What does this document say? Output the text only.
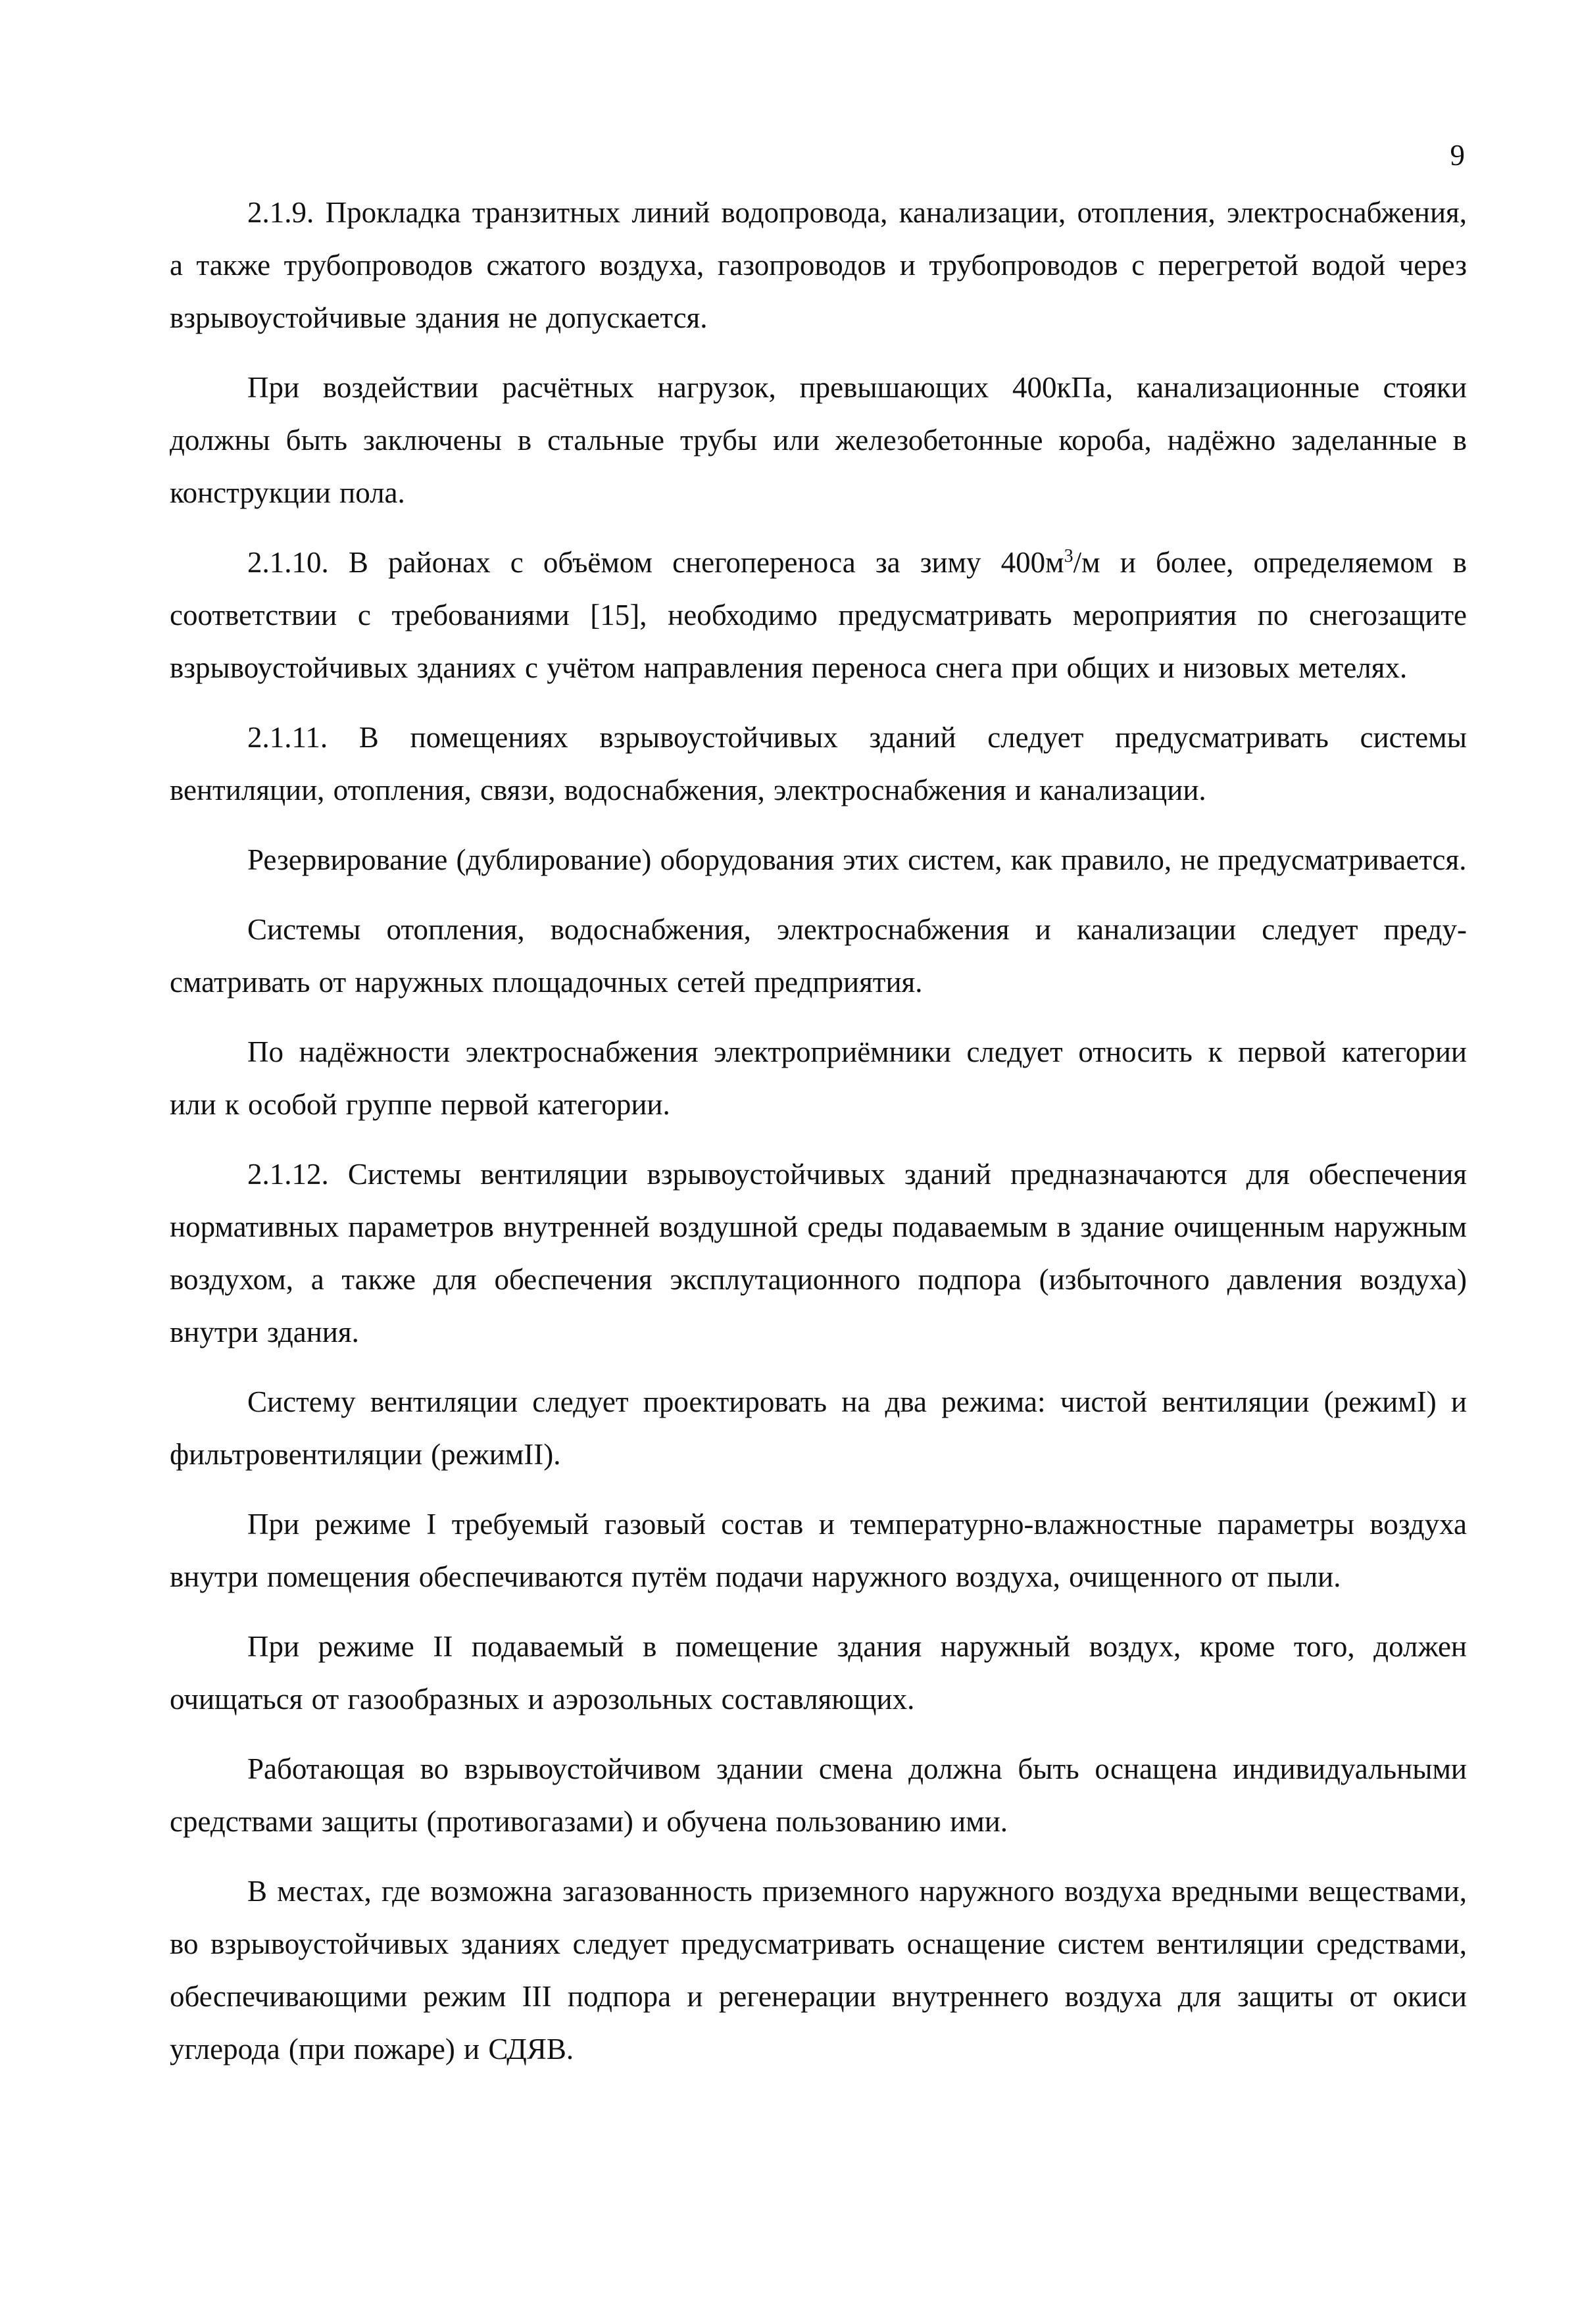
9

2.1.9. Прокладка транзитных линий водопровода, канализации, отопления, электроснабжения, а также трубопроводов сжатого воздуха, газопроводов и трубопроводов с перегретой водой через взрывоустойчивые здания не допускается.

При воздействии расчётных нагрузок, превышающих 400кПа, канализационные стояки должны быть заключены в стальные трубы или железобетонные короба, надёжно заделанные в конструкции пола.

2.1.10. В районах с объёмом снегопереноса за зиму $400м^3/м$ и более, определяемом в соответствии с требованиями [15], необходимо предусматривать мероприятия по снегозащите взрывоустойчивых зданиях с учётом направления переноса снега при общих и низовых метелях.

2.1.11. В помещениях взрывоустойчивых зданий следует предусматривать системы вентиляции, отопления, связи, водоснабжения, электроснабжения и канализации.

Резервирование (дублирование) оборудования этих систем, как правило, не предусматривается.

Системы отопления, водоснабжения, электроснабжения и канализации следует предусматривать от наружных площадочных сетей предприятия.

По надёжности электроснабжения электроприёмники следует относить к первой категории или к особой группе первой категории.

2.1.12. Системы вентиляции взрывоустойчивых зданий предназначаются для обеспечения нормативных параметров внутренней воздушной среды подаваемым в здание очищенным наружным воздухом, а также для обеспечения эксплутационного подпора (избыточного давления воздуха) внутри здания.

Систему вентиляции следует проектировать на два режима: чистой вентиляции (режимI) и фильтровентиляции (режимII).

При режиме I требуемый газовый состав и температурно-влажностные параметры воздуха внутри помещения обеспечиваются путём подачи наружного воздуха, очищенного от пыли.

При режиме II подаваемый в помещение здания наружный воздух, кроме того, должен очищаться от газообразных и аэрозольных составляющих.

Работающая во взрывоустойчивом здании смена должна быть оснащена индивидуальными средствами защиты (противогазами) и обучена пользованию ими.

В местах, где возможна загазованность приземного наружного воздуха вредными веществами, во взрывоустойчивых зданиях следует предусматривать оснащение систем вентиляции средствами, обеспечивающими режим III подпора и регенерации внутреннего воздуха для защиты от окиси углерода (при пожаре) и СДЯВ.
